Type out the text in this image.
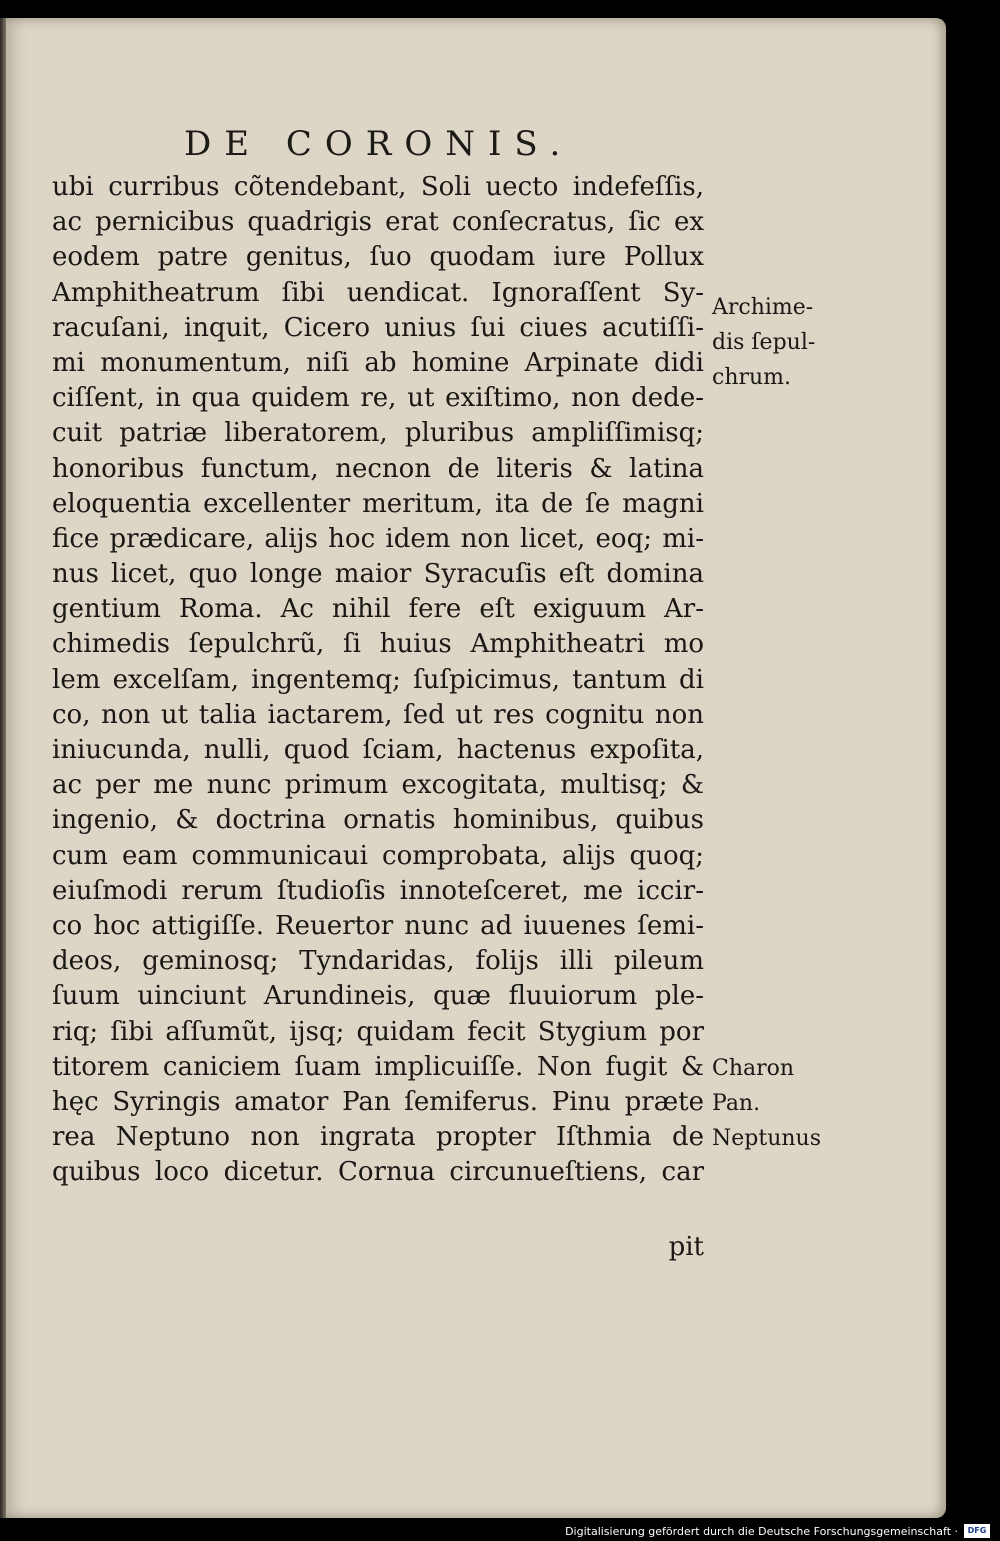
DE CORONIS.
ubi curribus cõtendebant, Soli uecto indefeſſis,
ac pernicibus quadrigis erat conſecratus, ſic ex
eodem patre genitus, ſuo quodam iure Pollux
Amphitheatrum ſibi uendicat. Ignoraſſent Sy-
racuſani, inquit, Cicero unius ſui ciues acutiſſi-
mi monumentum, niſi ab homine Arpinate didi
ciſſent, in qua quidem re, ut exiſtimo, non dede-
cuit patriæ liberatorem, pluribus ampliſſimisq;
honoribus functum, necnon de literis & latina
eloquentia excellenter meritum, ita de ſe magni
fice prædicare, alijs hoc idem non licet, eoq; mi-
nus licet, quo longe maior Syracuſis eſt domina
gentium Roma. Ac nihil fere eſt exiguum Ar-
chimedis ſepulchrũ, ſi huius Amphitheatri mo
lem excelſam, ingentemq; ſuſpicimus, tantum di
co, non ut talia iactarem, ſed ut res cognitu non
iniucunda, nulli, quod ſciam, hactenus expoſita,
ac per me nunc primum excogitata, multisq; &
ingenio, & doctrina ornatis hominibus, quibus
cum eam communicaui comprobata, alijs quoq;
eiuſmodi rerum ſtudioſis innoteſceret, me iccir-
co hoc attigiſſe. Reuertor nunc ad iuuenes ſemi-
deos, geminosq; Tyndaridas, folijs illi pileum
ſuum uinciunt Arundineis, quæ fluuiorum ple-
riq; ſibi aſſumũt, ijsq; quidam fecit Stygium por
titorem caniciem ſuam implicuiſſe. Non fugit &
hęc Syringis amator Pan ſemiferus. Pinu præte
rea Neptuno non ingrata propter Iſthmia de
quibus loco dicetur. Cornua circunueſtiens, car
pit
Archime-
dis ſepul-
chrum.
Charon
Pan.
Neptunus
Digitalisierung gefördert durch die Deutsche Forschungsgemeinschaft ·	DFG
